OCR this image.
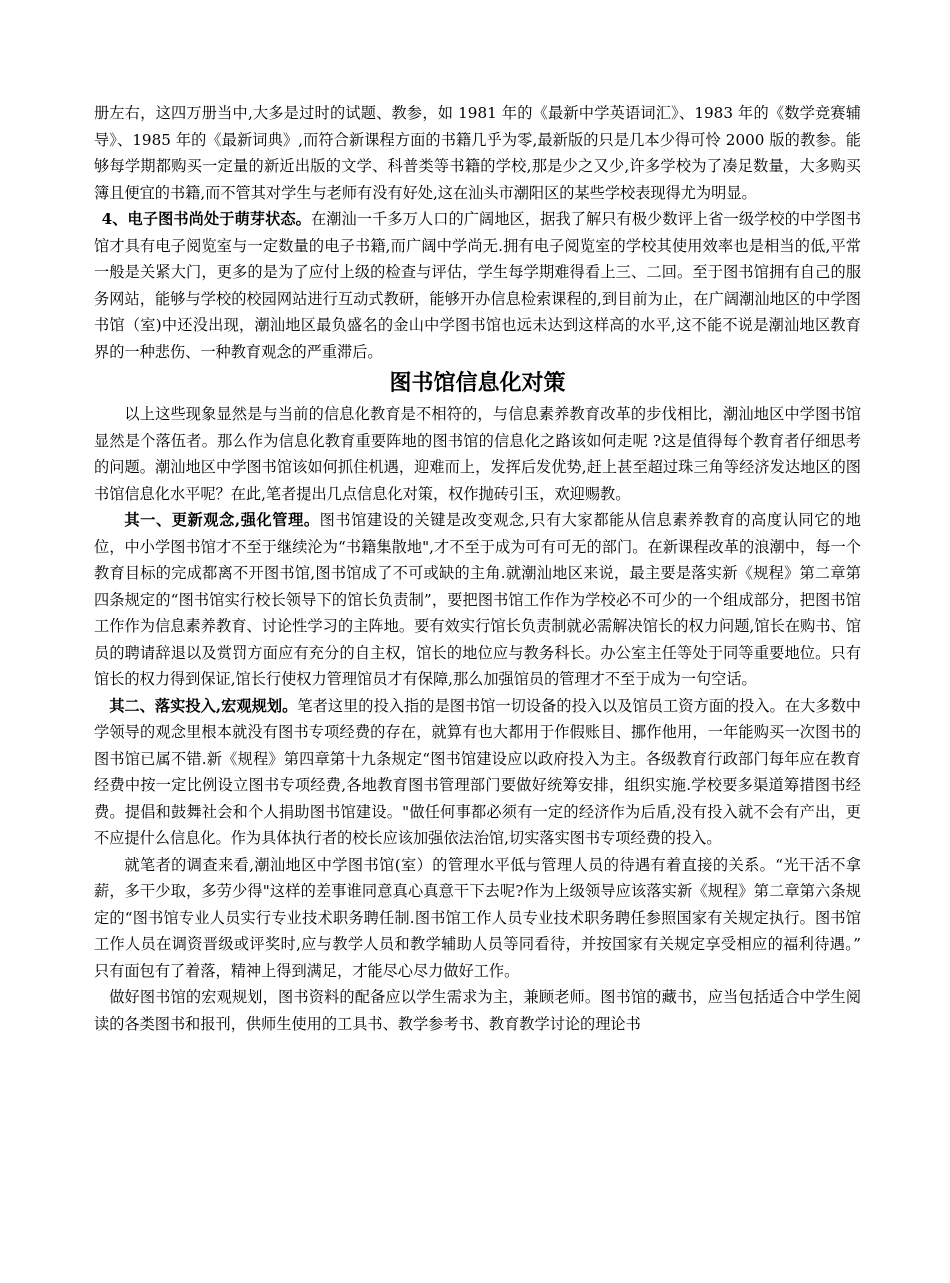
册左右，这四万册当中,大多是过时的试题、教参，如 1981 年的《最新中学英语词汇》、1983 年的《数学竞赛辅导》、1985 年的《最新词典》,而符合新课程方面的书籍几乎为零,最新版的只是几本少得可怜 2000 版的教参。能够每学期都购买一定量的新近出版的文学、科普类等书籍的学校,那是少之又少,许多学校为了凑足数量，大多购买簿且便宜的书籍,而不管其对学生与老师有没有好处,这在汕头市潮阳区的某些学校表现得尤为明显。

4、电子图书尚处于萌芽状态。在潮汕一千多万人口的广阔地区，据我了解只有极少数评上省一级学校的中学图书馆才具有电子阅览室与一定数量的电子书籍,而广阔中学尚无.拥有电子阅览室的学校其使用效率也是相当的低,平常一般是关紧大门，更多的是为了应付上级的检查与评估，学生每学期难得看上三、二回。至于图书馆拥有自己的服务网站，能够与学校的校园网站进行互动式教研，能够开办信息检索课程的,到目前为止，在广阔潮汕地区的中学图书馆（室)中还没出现，潮汕地区最负盛名的金山中学图书馆也远未达到这样高的水平,这不能不说是潮汕地区教育界的一种悲伤、一种教育观念的严重滞后。

图书馆信息化对策

以上这些现象显然是与当前的信息化教育是不相符的，与信息素养教育改革的步伐相比，潮汕地区中学图书馆显然是个落伍者。那么作为信息化教育重要阵地的图书馆的信息化之路该如何走呢 ?这是值得每个教育者仔细思考的问题。潮汕地区中学图书馆该如何抓住机遇，迎难而上，发挥后发优势,赶上甚至超过珠三角等经济发达地区的图书馆信息化水平呢？在此,笔者提出几点信息化对策，权作抛砖引玉，欢迎赐教。

其一、更新观念,强化管理。图书馆建设的关键是改变观念,只有大家都能从信息素养教育的高度认同它的地位，中小学图书馆才不至于继续沦为“书籍集散地",才不至于成为可有可无的部门。在新课程改革的浪潮中，每一个教育目标的完成都离不开图书馆,图书馆成了不可或缺的主角.就潮汕地区来说，最主要是落实新《规程》第二章第四条规定的“图书馆实行校长领导下的馆长负责制”，要把图书馆工作作为学校必不可少的一个组成部分，把图书馆工作作为信息素养教育、讨论性学习的主阵地。要有效实行馆长负责制就必需解决馆长的权力问题,馆长在购书、馆员的聘请辞退以及赏罚方面应有充分的自主权，馆长的地位应与教务科长。办公室主任等处于同等重要地位。只有馆长的权力得到保证,馆长行使权力管理馆员才有保障,那么加强馆员的管理才不至于成为一句空话。

其二、落实投入,宏观规划。笔者这里的投入指的是图书馆一切设备的投入以及馆员工资方面的投入。在大多数中学领导的观念里根本就没有图书专项经费的存在，就算有也大都用于作假账目、挪作他用，一年能购买一次图书的图书馆已属不错.新《规程》第四章第十九条规定“图书馆建设应以政府投入为主。各级教育行政部门每年应在教育经费中按一定比例设立图书专项经费,各地教育图书管理部门要做好统筹安排，组织实施.学校要多渠道筹措图书经费。提倡和鼓舞社会和个人捐助图书馆建设。"做任何事都必须有一定的经济作为后盾,没有投入就不会有产出，更不应提什么信息化。作为具体执行者的校长应该加强依法治馆,切实落实图书专项经费的投入。

就笔者的调查来看,潮汕地区中学图书馆(室）的管理水平低与管理人员的待遇有着直接的关系。“光干活不拿薪，多干少取，多劳少得"这样的差事谁同意真心真意干下去呢?作为上级领导应该落实新《规程》第二章第六条规定的“图书馆专业人员实行专业技术职务聘任制.图书馆工作人员专业技术职务聘任参照国家有关规定执行。图书馆工作人员在调资晋级或评奖时,应与教学人员和教学辅助人员等同看待，并按国家有关规定享受相应的福利待遇。” 只有面包有了着落，精神上得到满足，才能尽心尽力做好工作。

做好图书馆的宏观规划，图书资料的配备应以学生需求为主，兼顾老师。图书馆的藏书，应当包括适合中学生阅读的各类图书和报刊，供师生使用的工具书、教学参考书、教育教学讨论的理论书
